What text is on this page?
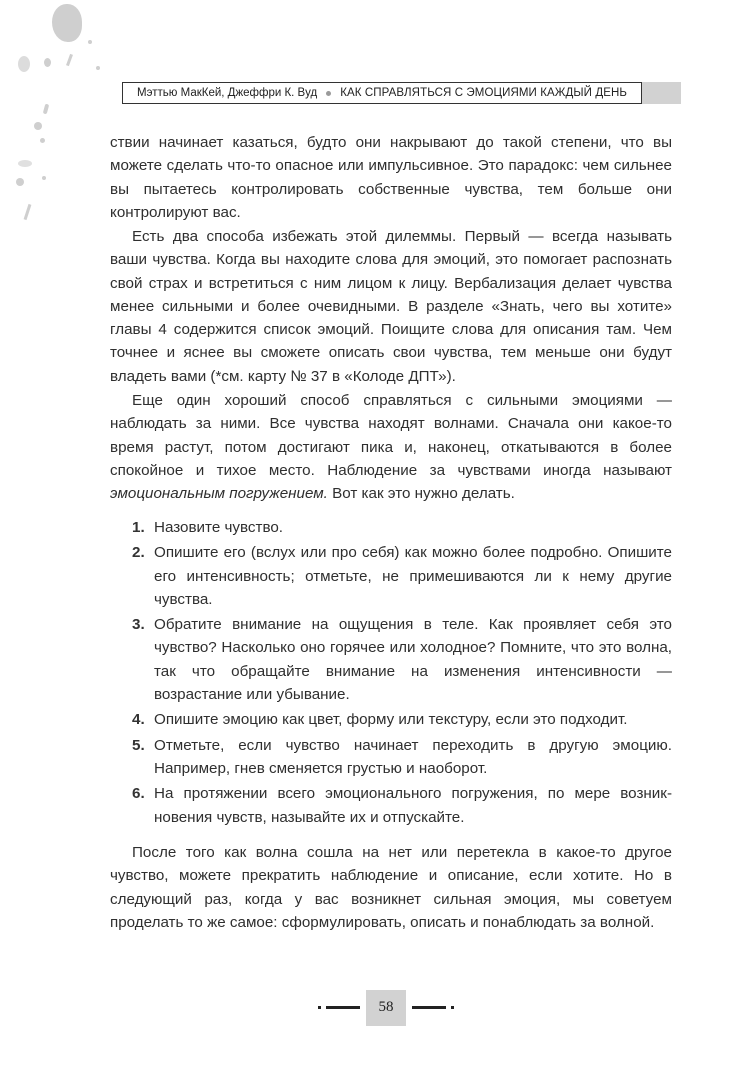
Мэттью МакКей, Джеффри К. Вуд КАК СПРАВЛЯТЬСЯ С ЭМОЦИЯМИ КАЖДЫЙ ДЕНЬ

ствии начинает казаться, будто они накрывают до такой степени, что вы можете сделать что-то опасное или импульсивное. Это парадокс: чем сильнее вы пытаетесь контролировать собственные чувства, тем больше они контролируют вас.

Есть два способа избежать этой дилеммы. Первый — всегда называть ваши чувства. Когда вы находите слова для эмоций, это помогает распознать свой страх и встретиться с ним лицом к лицу. Вербализация делает чувства менее сильными и более очевидными. В разделе «Знать, чего вы хотите» главы 4 содержится список эмоций. Поищите слова для описания там. Чем точнее и яснее вы сможете описать свои чувства, тем меньше они будут владеть вами (*см. карту № 37 в «Колоде ДПТ»).

Еще один хороший способ справляться с сильными эмоциями — наблюдать за ними. Все чувства находят волнами. Сначала они какое-то время растут, потом достигают пика и, наконец, откатываются в более спокойное и тихое место. Наблюдение за чувствами иногда называют эмоциональным погружением. Вот как это нужно делать.

1. Назовите чувство.
2. Опишите его (вслух или про себя) как можно более подробно. Опишите его интенсивность; отметьте, не примешиваются ли к нему другие чувства.
3. Обратите внимание на ощущения в теле. Как проявляет себя это чувство? Насколько оно горячее или холодное? Помните, что это волна, так что обращайте внимание на изменения интенсивности — возрастание или убывание.
4. Опишите эмоцию как цвет, форму или текстуру, если это подходит.
5. Отметьте, если чувство начинает переходить в другую эмоцию. Например, гнев сменяется грустью и наоборот.
6. На протяжении всего эмоционального погружения, по мере возникновения чувств, называйте их и отпускайте.

После того как волна сошла на нет или перетекла в какое-то другое чувство, можете прекратить наблюдение и описание, если хотите. Но в следующий раз, когда у вас возникнет сильная эмоция, мы советуем проделать то же самое: сформулировать, описать и понаблюдать за волной.

58
